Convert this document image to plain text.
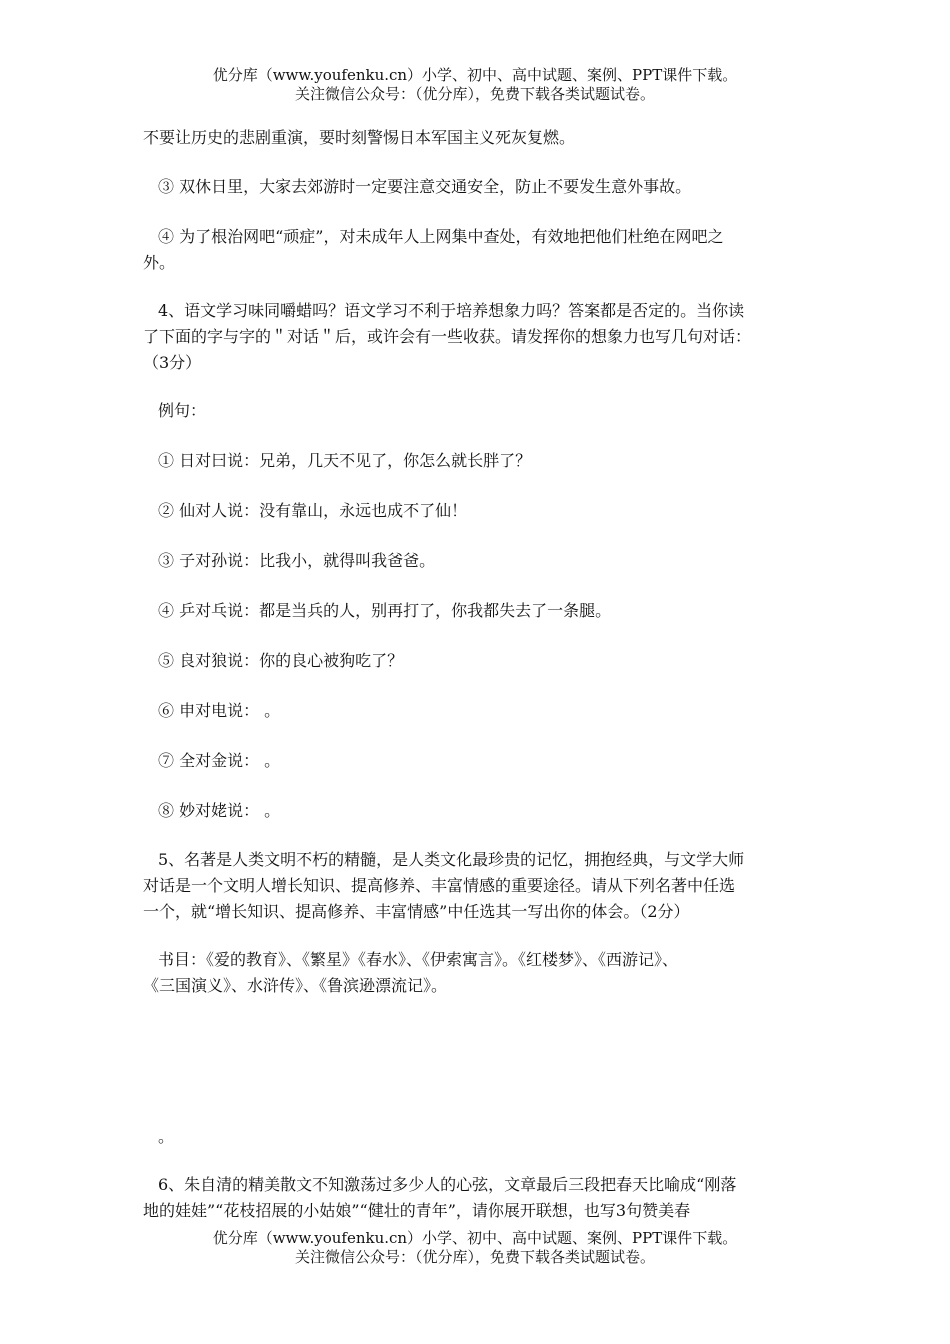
优分库（www.youfenku.cn）小学、初中、高中试题、案例、PPT课件下载。
关注微信公众号：（优分库），免费下载各类试题试卷。
不要让历史的悲剧重演，要时刻警惕日本军国主义死灰复燃。
③ 双休日里，大家去郊游时一定要注意交通安全，防止不要发生意外事故。
④ 为了根治网吧“顽症”，对未成年人上网集中查处，有效地把他们杜绝在网吧之
外。
4、语文学习味同嚼蜡吗？语文学习不利于培养想象力吗？答案都是否定的。当你读
了下面的字与字的＂对话＂后，或许会有一些收获。请发挥你的想象力也写几句对话：
（3分）
例句：
① 日对曰说：兄弟，几天不见了，你怎么就长胖了？
② 仙对人说：没有靠山，永远也成不了仙！
③ 子对孙说：比我小，就得叫我爸爸。
④ 乒对乓说：都是当兵的人，别再打了，你我都失去了一条腿。
⑤ 良对狼说：你的良心被狗吃了？
⑥ 申对电说： 。
⑦ 全对金说： 。
⑧ 妙对姥说： 。
5、名著是人类文明不朽的精髓，是人类文化最珍贵的记忆，拥抱经典，与文学大师
对话是一个文明人增长知识、提高修养、丰富情感的重要途径。请从下列名著中任选
一个，就“增长知识、提高修养、丰富情感”中任选其一写出你的体会。（2分）
书目：《爱的教育》、《繁星》《春水》、《伊索寓言》。《红楼梦》、《西游记》、
《三国演义》、水浒传》、《鲁滨逊漂流记》。
。
6、朱自清的精美散文不知激荡过多少人的心弦，文章最后三段把春天比喻成“刚落
地的娃娃”“花枝招展的小姑娘”“健壮的青年”，请你展开联想，也写3句赞美春
优分库（www.youfenku.cn）小学、初中、高中试题、案例、PPT课件下载。
关注微信公众号：（优分库），免费下载各类试题试卷。
